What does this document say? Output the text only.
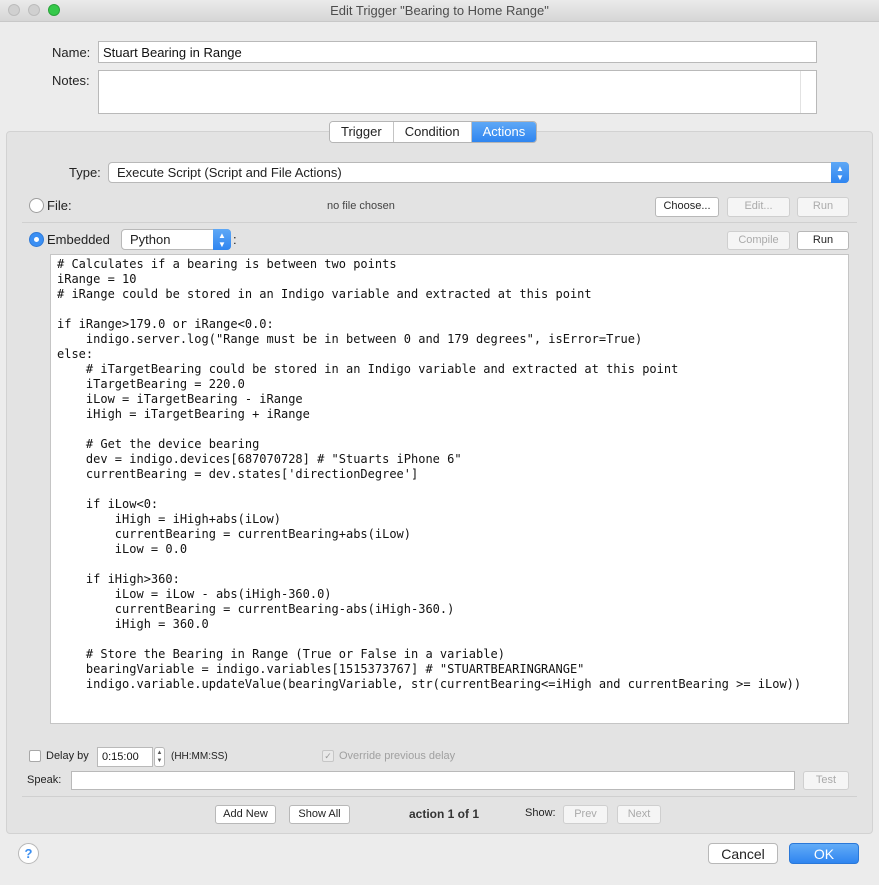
Edit Trigger "Bearing to Home Range"
Name: Stuart Bearing in Range
Notes:
Trigger	Condition	Actions
Type:	Execute Script (Script and File Actions)	▲
▼
File:	no file chosen	Choose...	Edit...	Run
Embedded	Python	▲
▼ :	Compile	Run
# Calculates if a bearing is between two points
iRange = 10
# iRange could be stored in an Indigo variable and extracted at this point

if iRange>179.0 or iRange<0.0:
indigo.server.log("Range must be in between 0 and 179 degrees", isError=True)
else:
# iTargetBearing could be stored in an Indigo variable and extracted at this point
iTargetBearing = 220.0
iLow = iTargetBearing - iRange
iHigh = iTargetBearing + iRange

# Get the device bearing
dev = indigo.devices[687070728] # "Stuarts iPhone 6"
currentBearing = dev.states['directionDegree']

if iLow<0:
iHigh = iHigh+abs(iLow)
currentBearing = currentBearing+abs(iLow)
iLow = 0.0

if iHigh>360:
iLow = iLow - abs(iHigh-360.0)
currentBearing = currentBearing-abs(iHigh-360.)
iHigh = 360.0

# Store the Bearing in Range (True or False in a variable)
bearingVariable = indigo.variables[1515373767] # "STUARTBEARINGRANGE"
indigo.variable.updateValue(bearingVariable, str(currentBearing<=iHigh and currentBearing >= iLow))
Delay by	0:15:00	▲
▼ (HH:MM:SS)	✓ Override previous delay
Speak:	Test
Add New	Show All	action 1 of 1	Show:	Prev	Next
?	Cancel	OK
